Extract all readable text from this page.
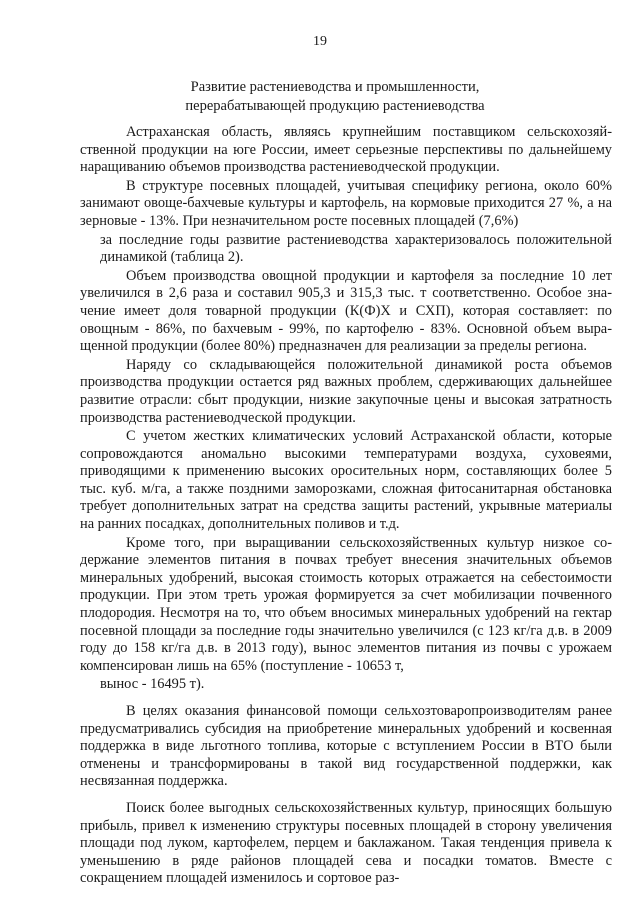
19
Развитие растениеводства и промышленности,
перерабатывающей продукцию растениеводства

Астраханская область, являясь крупнейшим поставщиком сельскохозяйственной продукции на юге России, имеет серьезные перспективы по дальнейшему наращиванию объемов производства растениеводческой продукции.

В структуре посевных площадей, учитывая специфику региона, около 60% занимают овоще-бахчевые культуры и картофель, на кормовые приходится 27 %, а на зерновые - 13%. При незначительном росте посевных площадей (7,6%)

за последние годы развитие растениеводства характеризовалось положительной динамикой (таблица 2).

Объем производства овощной продукции и картофеля за последние 10 лет увеличился в 2,6 раза и составил 905,3 и 315,3 тыс. т соответственно. Особое значение имеет доля товарной продукции (К(Ф)Х и СХП), которая составляет: по овощным - 86%, по бахчевым - 99%, по картофелю - 83%. Основной объем выращенной продукции (более 80%) предназначен для реализации за пределы региона.

Наряду со складывающейся положительной динамикой роста объемов производства продукции остается ряд важных проблем, сдерживающих дальнейшее развитие отрасли: сбыт продукции, низкие закупочные цены и высокая затратность производства растениеводческой продукции.

С учетом жестких климатических условий Астраханской области, которые сопровождаются аномально высокими температурами воздуха, суховеями, приводящими к применению высоких оросительных норм, составляющих более 5 тыс. куб. м/га, а также поздними заморозками, сложная фитосанитарная обстановка требует дополнительных затрат на средства защиты растений, укрывные материалы на ранних посадках, дополнительных поливов и т.д.

Кроме того, при выращивании сельскохозяйственных культур низкое содержание элементов питания в почвах требует внесения значительных объемов минеральных удобрений, высокая стоимость которых отражается на себестоимости продукции. При этом треть урожая формируется за счет мобилизации почвенного плодородия. Несмотря на то, что объем вносимых минеральных удобрений на гектар посевной площади за последние годы значительно увеличился (с 123 кг/га д.в. в 2009 году до 158 кг/га д.в. в 2013 году), вынос элементов питания из почвы с урожаем компенсирован лишь на 65% (поступление - 10653 т,

вынос - 16495 т).

В целях оказания финансовой помощи сельхозтоваропроизводителям ранее предусматривались субсидия на приобретение минеральных удобрений и косвенная поддержка в виде льготного топлива, которые с вступлением России в ВТО были отменены и трансформированы в такой вид государственной поддержки, как несвязанная поддержка.

Поиск более выгодных сельскохозяйственных культур, приносящих большую прибыль, привел к изменению структуры посевных площадей в сторону увеличения площади под луком, картофелем, перцем и баклажаном. Такая тенденция привела к уменьшению в ряде районов площадей сева и посадки томатов. Вместе с сокращением площадей изменилось и сортовое раз-
